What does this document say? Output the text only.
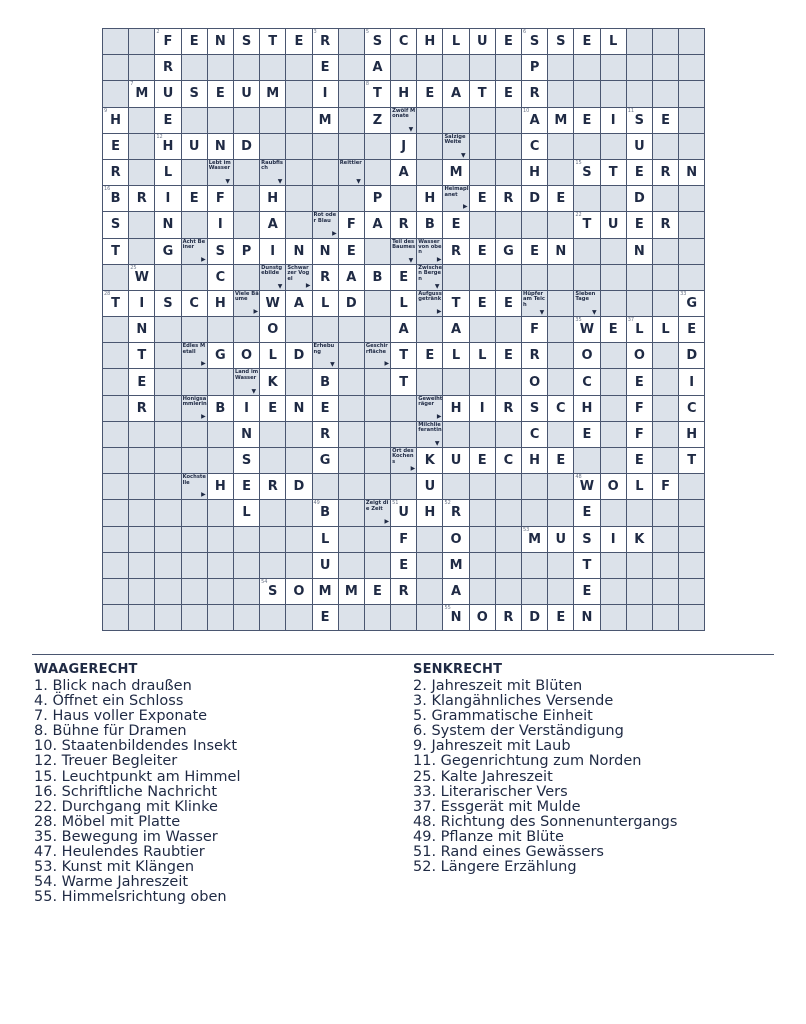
2
F E N S T E
3
R
5
S C H L U E
6
S S E L
R	E	A	P
7
M U S E U M	I
8
T H E A T E R
9
H	E	M	Z
Zwölf Monate
▼
10
A M E I
11
S E
E
12
H U N D	J
Salzige Weite
▼
C	U
R	L
Lebt im Wasser
▼
Raubfisch
▼
Reittier
▼
A	M	H
15
S T E R N
16
B R I E F	H	P	H
Heimaplanet
▶
E R D E	D
S	N	I	A
Rot oder Blau
▶
F A R B E
22
T U E R
T	G
Acht Beiner
▶
S P I N N E
Teil des Baumes
▼
Wasser von oben
▶
R E G E N	N
25
W	C
Dunstgebilde
▼
Schwarzer Vogel
▶
R A B E
Zwischen Bergen
▼
28
T I S C H
Viele Bäume
▶
W A L D	L
Aufgussgetränk
▶
T E E
Hüpfer am Teich
▼
Sieben Tage
▼
33
G
N	O	A	A	F
35
W E
37
L L E
T
Edles Metall
▶
G O L D
Erhebung
▼
Geschirrfläche
▶
T E L L E R	O	O	D
E
Land im Wasser
▼
K	B	T	O	C	E	I
R
Honigsammlerin
▶
B I E N E
Geweihträger
▶
H I R S C H	F	C
N	R
Milchlieferantin
▼
C	E	F	H
S	G
Ort des Kochens
▶
K U E C H E	E	T
Kochstelle
▶
H E R D	U
48
W O L F
L
49
B
Zeigt die Zeit
▶
51
U H
52
R	E
L	F	O
53
M U S I K
U	E	M	T
54
S O M M E R	A	E
E
55
N O R D E N
WAAGERECHT
1. Blick nach draußen
4. Öffnet ein Schloss
7. Haus voller Exponate
8. Bühne für Dramen
10. Staatenbildendes Insekt
12. Treuer Begleiter
15. Leuchtpunkt am Himmel
16. Schriftliche Nachricht
22. Durchgang mit Klinke
28. Möbel mit Platte
35. Bewegung im Wasser
47. Heulendes Raubtier
53. Kunst mit Klängen
54. Warme Jahreszeit
55. Himmelsrichtung oben
SENKRECHT
2. Jahreszeit mit Blüten
3. Klangähnliches Versende
5. Grammatische Einheit
6. System der Verständigung
9. Jahreszeit mit Laub
11. Gegenrichtung zum Norden
25. Kalte Jahreszeit
33. Literarischer Vers
37. Essgerät mit Mulde
48. Richtung des Sonnenuntergangs
49. Pflanze mit Blüte
51. Rand eines Gewässers
52. Längere Erzählung
